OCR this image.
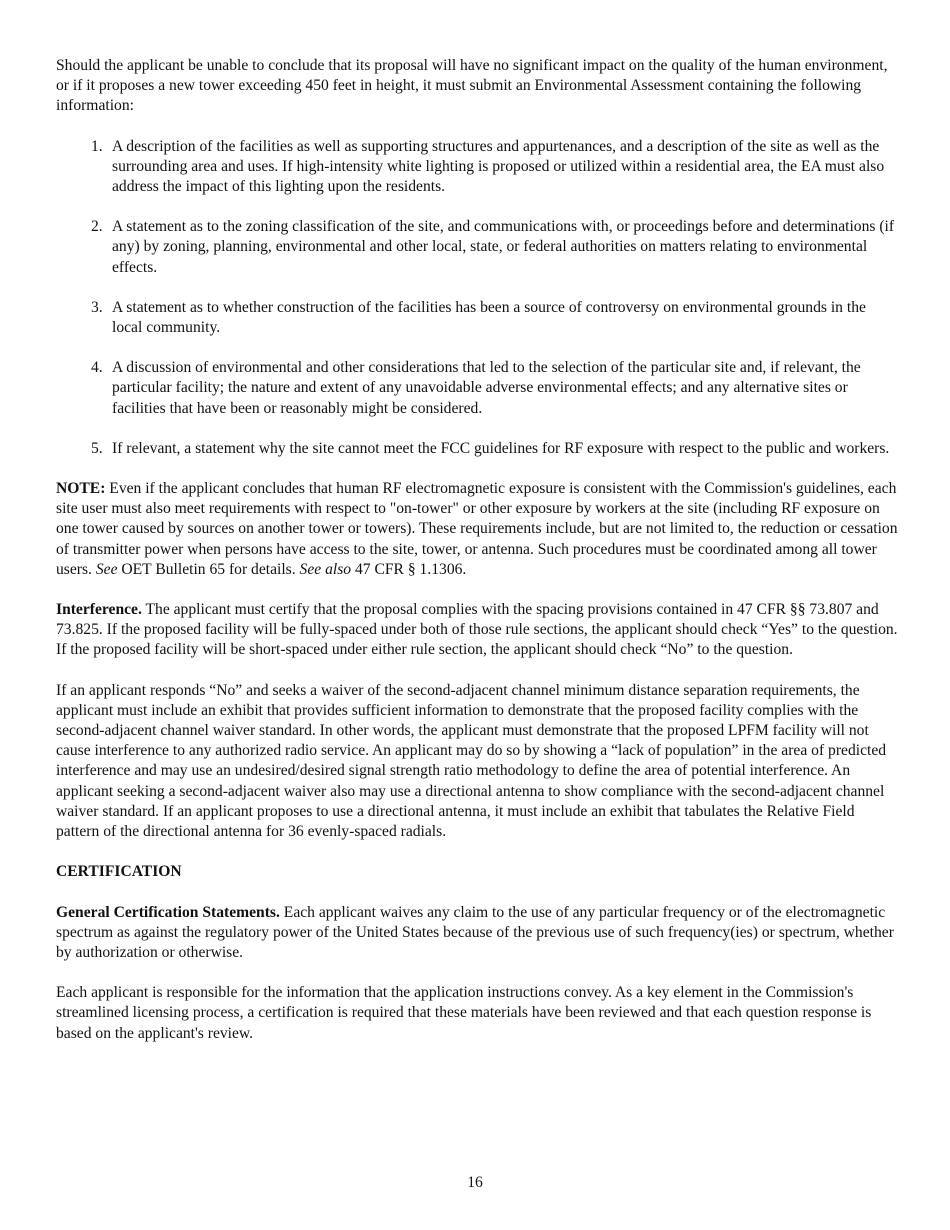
Should the applicant be unable to conclude that its proposal will have no significant impact on the quality of the human environment, or if it proposes a new tower exceeding 450 feet in height, it must submit an Environmental Assessment containing the following information:

1. A description of the facilities as well as supporting structures and appurtenances, and a description of the site as well as the surrounding area and uses. If high-intensity white lighting is proposed or utilized within a residential area, the EA must also address the impact of this lighting upon the residents.
2. A statement as to the zoning classification of the site, and communications with, or proceedings before and determinations (if any) by zoning, planning, environmental and other local, state, or federal authorities on matters relating to environmental effects.
3. A statement as to whether construction of the facilities has been a source of controversy on environmental grounds in the local community.
4. A discussion of environmental and other considerations that led to the selection of the particular site and, if relevant, the particular facility; the nature and extent of any unavoidable adverse environmental effects; and any alternative sites or facilities that have been or reasonably might be considered.
5. If relevant, a statement why the site cannot meet the FCC guidelines for RF exposure with respect to the public and workers.

NOTE: Even if the applicant concludes that human RF electromagnetic exposure is consistent with the Commission's guidelines, each site user must also meet requirements with respect to "on-tower" or other exposure by workers at the site (including RF exposure on one tower caused by sources on another tower or towers). These requirements include, but are not limited to, the reduction or cessation of transmitter power when persons have access to the site, tower, or antenna. Such procedures must be coordinated among all tower users. See OET Bulletin 65 for details. See also 47 CFR § 1.1306.

Interference. The applicant must certify that the proposal complies with the spacing provisions contained in 47 CFR §§ 73.807 and 73.825. If the proposed facility will be fully-spaced under both of those rule sections, the applicant should check “Yes” to the question. If the proposed facility will be short-spaced under either rule section, the applicant should check “No” to the question.

If an applicant responds “No” and seeks a waiver of the second-adjacent channel minimum distance separation requirements, the applicant must include an exhibit that provides sufficient information to demonstrate that the proposed facility complies with the second-adjacent channel waiver standard. In other words, the applicant must demonstrate that the proposed LPFM facility will not cause interference to any authorized radio service. An applicant may do so by showing a “lack of population” in the area of predicted interference and may use an undesired/desired signal strength ratio methodology to define the area of potential interference. An applicant seeking a second-adjacent waiver also may use a directional antenna to show compliance with the second-adjacent channel waiver standard. If an applicant proposes to use a directional antenna, it must include an exhibit that tabulates the Relative Field pattern of the directional antenna for 36 evenly-spaced radials.

CERTIFICATION

General Certification Statements. Each applicant waives any claim to the use of any particular frequency or of the electromagnetic spectrum as against the regulatory power of the United States because of the previous use of such frequency(ies) or spectrum, whether by authorization or otherwise.

Each applicant is responsible for the information that the application instructions convey. As a key element in the Commission's streamlined licensing process, a certification is required that these materials have been reviewed and that each question response is based on the applicant's review.

16
